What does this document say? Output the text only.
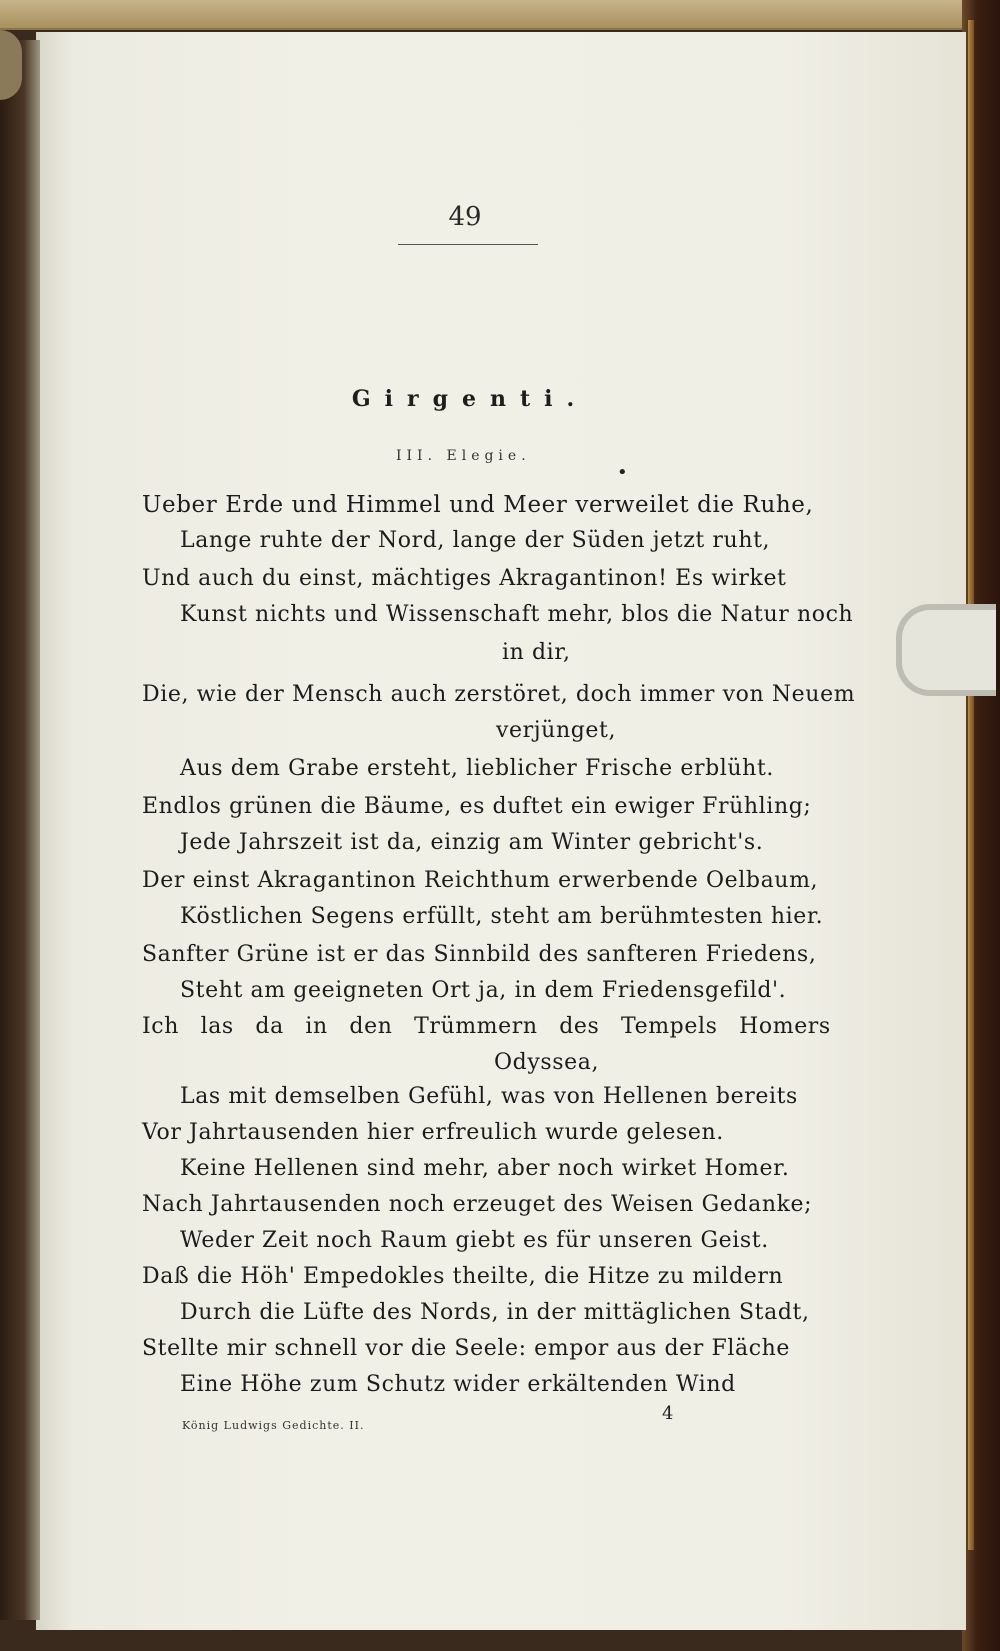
49
Girgenti.
III. Elegie.
•
Ueber Erde und Himmel und Meer verweilet die Ruhe,
Lange ruhte der Nord, lange der Süden jetzt ruht,
Und auch du einst, mächtiges Akragantinon! Es wirket
Kunst nichts und Wissenschaft mehr, blos die Natur noch
in dir,
Die, wie der Mensch auch zerstöret, doch immer von Neuem
verjünget,
Aus dem Grabe ersteht, lieblicher Frische erblüht.
Endlos grünen die Bäume, es duftet ein ewiger Frühling;
Jede Jahrszeit ist da, einzig am Winter gebricht's.
Der einst Akragantinon Reichthum erwerbende Oelbaum,
Köstlichen Segens erfüllt, steht am berühmtesten hier.
Sanfter Grüne ist er das Sinnbild des sanfteren Friedens,
Steht am geeigneten Ort ja, in dem Friedensgefild'.
Ich las da in den Trümmern des Tempels Homers
Odyssea,
Las mit demselben Gefühl, was von Hellenen bereits
Vor Jahrtausenden hier erfreulich wurde gelesen.
Keine Hellenen sind mehr, aber noch wirket Homer.
Nach Jahrtausenden noch erzeuget des Weisen Gedanke;
Weder Zeit noch Raum giebt es für unseren Geist.
Daß die Höh' Empedokles theilte, die Hitze zu mildern
Durch die Lüfte des Nords, in der mittäglichen Stadt,
Stellte mir schnell vor die Seele: empor aus der Fläche
Eine Höhe zum Schutz wider erkältenden Wind
4
König Ludwigs Gedichte. II.
